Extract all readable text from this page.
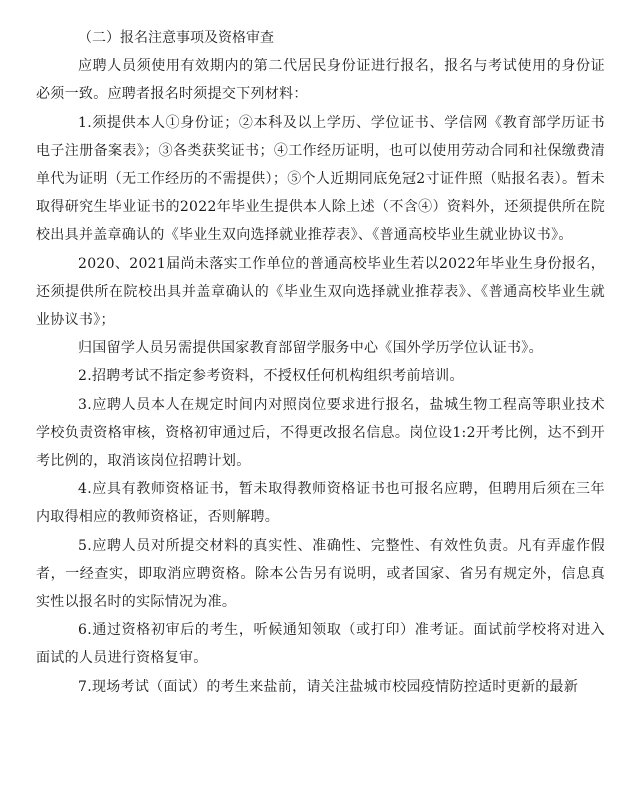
（二）报名注意事项及资格审查

应聘人员须使用有效期内的第二代居民身份证进行报名，报名与考试使用的身份证必须一致。应聘者报名时须提交下列材料：

1.须提供本人①身份证；②本科及以上学历、学位证书、学信网《教育部学历证书电子注册备案表》；③各类获奖证书；④工作经历证明，也可以使用劳动合同和社保缴费清单代为证明（无工作经历的不需提供）；⑤个人近期同底免冠2寸证件照（贴报名表）。暂未取得研究生毕业证书的2022年毕业生提供本人除上述（不含④）资料外，还须提供所在院校出具并盖章确认的《毕业生双向选择就业推荐表》、《普通高校毕业生就业协议书》。

2020、2021届尚未落实工作单位的普通高校毕业生若以2022年毕业生身份报名，还须提供所在院校出具并盖章确认的《毕业生双向选择就业推荐表》、《普通高校毕业生就业协议书》；

归国留学人员另需提供国家教育部留学服务中心《国外学历学位认证书》。

2.招聘考试不指定参考资料，不授权任何机构组织考前培训。

3.应聘人员本人在规定时间内对照岗位要求进行报名，盐城生物工程高等职业技术学校负责资格审核，资格初审通过后，不得更改报名信息。岗位设1:2开考比例，达不到开考比例的，取消该岗位招聘计划。

4.应具有教师资格证书，暂未取得教师资格证书也可报名应聘，但聘用后须在三年内取得相应的教师资格证，否则解聘。

5.应聘人员对所提交材料的真实性、准确性、完整性、有效性负责。凡有弄虚作假者，一经查实，即取消应聘资格。除本公告另有说明，或者国家、省另有规定外，信息真实性以报名时的实际情况为准。

6.通过资格初审后的考生，听候通知领取（或打印）准考证。面试前学校将对进入面试的人员进行资格复审。

7.现场考试（面试）的考生来盐前，请关注盐城市校园疫情防控适时更新的最新
